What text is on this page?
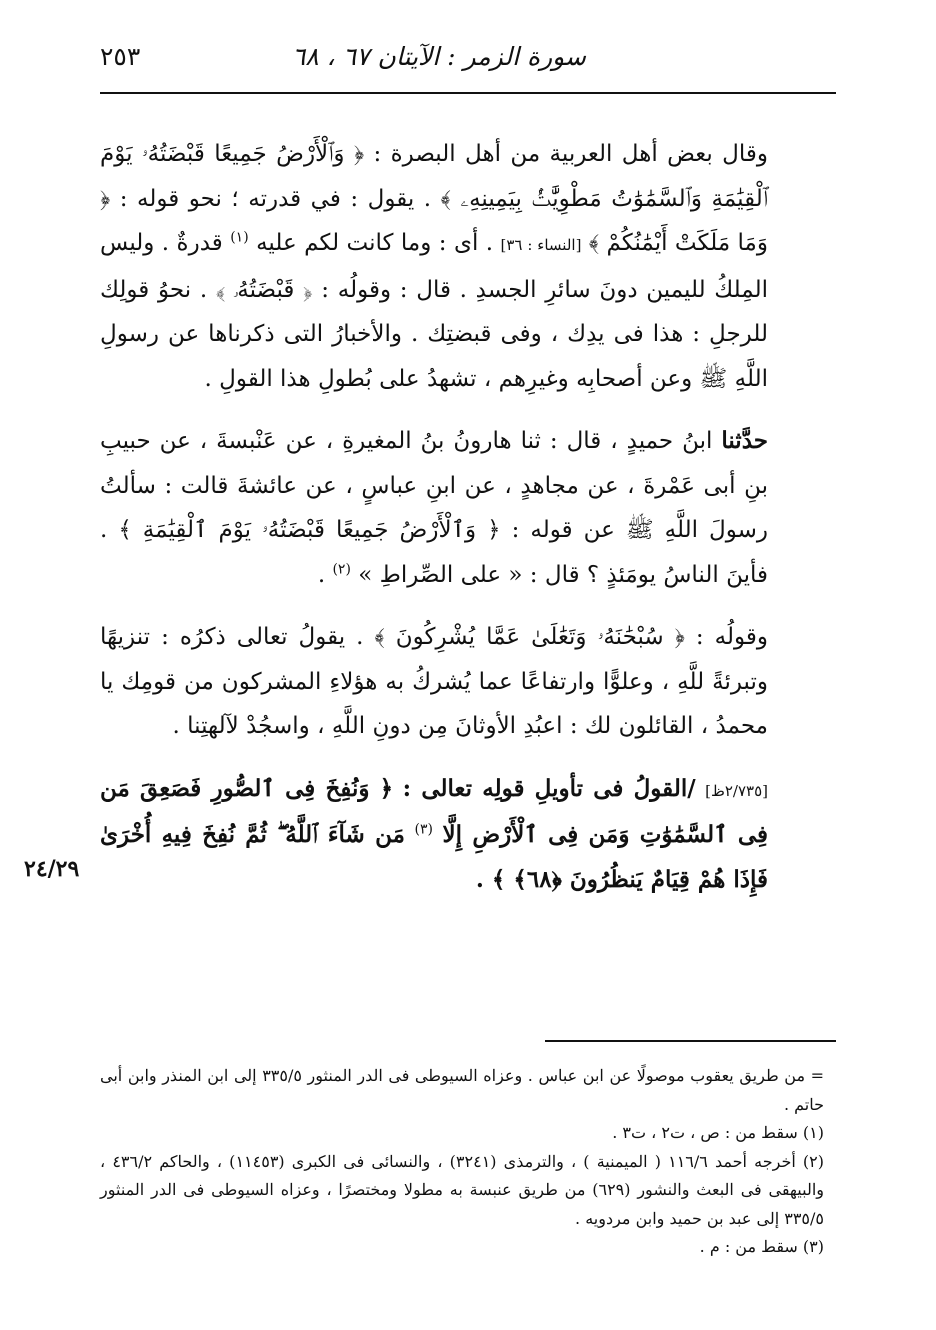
سورة الزمر : الآيتان ٦٧ ، ٦٨
٢٥٣

وقال بعض أهل العربية من أهل البصرة : ﴿ وَٱلْأَرْضُ جَمِيعًا قَبْضَتُهُۥ يَوْمَ ٱلْقِيَٰمَةِ وَٱلسَّمَٰوَٰتُ مَطْوِيَّٰتُۢ بِيَمِينِهِۦ ﴾ . يقول : في قدرته ؛ نحو قوله : ﴿ وَمَا مَلَكَتْ أَيْمَٰنُكُمْ ﴾ [النساء : ٣٦] . أى : وما كانت لكم عليه $^{(١)}$ قدرةٌ . وليس المِلكُ لليمين دونَ سائرِ الجسدِ . قال : وقولُه : ﴿ قَبْضَتُهُۥ ﴾ . نحوُ قولِك للرجلِ : هذا فى يدِك ، وفى قبضتِك . والأخبارُ التى ذكرناها عن رسولِ اللَّهِ ﷺ وعن أصحابِه وغيرِهم ، تشهدُ على بُطولِ هذا القولِ .

حدَّثنا ابنُ حميدٍ ، قال : ثنا هارونُ بنُ المغيرةِ ، عن عَنْبسةَ ، عن حبيبِ بنِ أبى عَمْرةَ ، عن مجاهدٍ ، عن ابنِ عباسٍ ، عن عائشةَ قالت : سألتُ رسولَ اللَّهِ ﷺ عن قوله : ﴿ وَٱلْأَرْضُ جَمِيعًا قَبْضَتُهُۥ يَوْمَ ٱلْقِيَٰمَةِ ﴾ . فأينَ الناسُ يومَئذٍ ؟ قال : « على الصِّراطِ » $^{(٢)}$ .

وقولُه : ﴿ سُبْحَٰنَهُۥ وَتَعَٰلَىٰ عَمَّا يُشْرِكُونَ ﴾ . يقولُ تعالى ذكرُه : تنزيهًا وتبرئةً للَّهِ ، وعلوًّا وارتفاعًا عما يُشركُ به هؤلاءِ المشركون من قومِك يا محمدُ ، القائلون لك : اعبُدِ الأوثانَ مِن دونِ اللَّهِ ، واسجُدْ لآلهتِنا .

[٢/٧٣٥ظ] /القولُ فى تأويلِ قولِه تعالى : ﴿ وَنُفِخَ فِى ٱلصُّورِ فَصَعِقَ مَن فِى ٱلسَّمَٰوَٰتِ وَمَن فِى ٱلْأَرْضِ إِلَّا $^{(٣)}$ مَن شَآءَ ٱللَّهُ ۖ ثُمَّ نُفِخَ فِيهِ أُخْرَىٰ فَإِذَا هُمْ قِيَامٌ يَنظُرُونَ ﴿٦٨﴾ ﴾ .

٢٤/٢٩
= من طريق يعقوب موصولًا عن ابن عباس . وعزاه السيوطى فى الدر المنثور ٣٣٥/٥ إلى ابن المنذر وابن أبى حاتم .
(١) سقط من : ص ، ت٢ ، ت٣ .
(٢) أخرجه أحمد ١١٦/٦ ( الميمنية ) ، والترمذى (٣٢٤١) ، والنسائى فى الكبرى (١١٤٥٣) ، والحاكم ٤٣٦/٢ ، والبيهقى فى البعث والنشور (٦٢٩) من طريق عنبسة به مطولا ومختصرًا ، وعزاه السيوطى فى الدر المنثور ٣٣٥/٥ إلى عبد بن حميد وابن مردويه .
(٣) سقط من : م .
